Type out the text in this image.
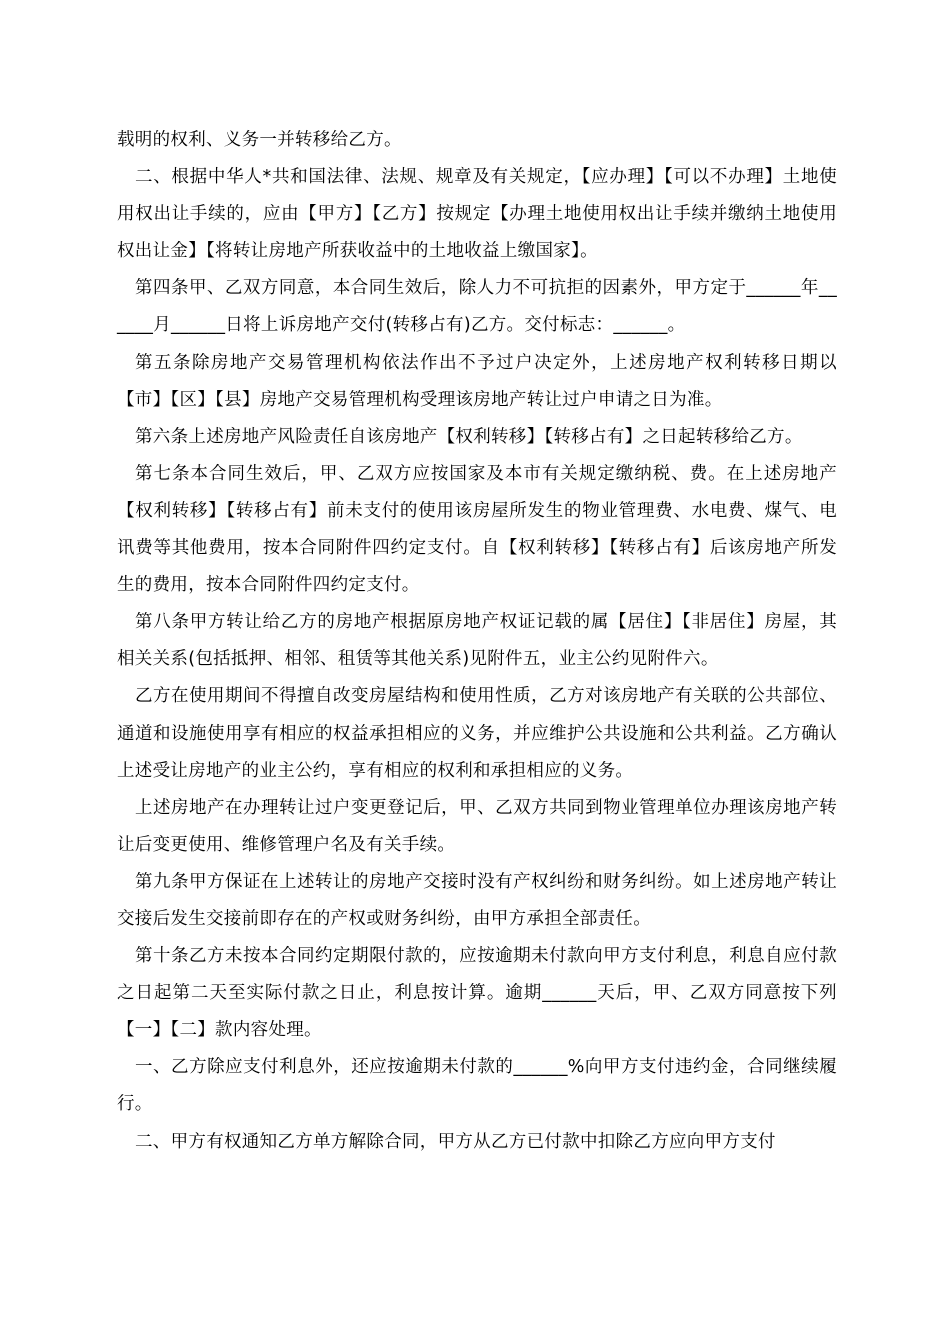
载明的权利、义务一并转移给乙方。

二、根据中华人*共和国法律、法规、规章及有关规定，【应办理】【可以不办理】土地使用权出让手续的，应由【甲方】【乙方】按规定【办理土地使用权出让手续并缴纳土地使用权出让金】【将转让房地产所获收益中的土地收益上缴国家】。

第四条甲、乙双方同意，本合同生效后，除人力不可抗拒的因素外，甲方定于______年______月______日将上诉房地产交付(转移占有)乙方。交付标志：______。

第五条除房地产交易管理机构依法作出不予过户决定外，上述房地产权利转移日期以【市】【区】【县】房地产交易管理机构受理该房地产转让过户申请之日为准。

第六条上述房地产风险责任自该房地产【权利转移】【转移占有】之日起转移给乙方。

第七条本合同生效后，甲、乙双方应按国家及本市有关规定缴纳税、费。在上述房地产【权利转移】【转移占有】前未支付的使用该房屋所发生的物业管理费、水电费、煤气、电讯费等其他费用，按本合同附件四约定支付。自【权利转移】【转移占有】后该房地产所发生的费用，按本合同附件四约定支付。

第八条甲方转让给乙方的房地产根据原房地产权证记载的属【居住】【非居住】房屋，其相关关系(包括抵押、相邻、租赁等其他关系)见附件五，业主公约见附件六。

乙方在使用期间不得擅自改变房屋结构和使用性质，乙方对该房地产有关联的公共部位、通道和设施使用享有相应的权益承担相应的义务，并应维护公共设施和公共利益。乙方确认上述受让房地产的业主公约，享有相应的权利和承担相应的义务。

上述房地产在办理转让过户变更登记后，甲、乙双方共同到物业管理单位办理该房地产转让后变更使用、维修管理户名及有关手续。

第九条甲方保证在上述转让的房地产交接时没有产权纠纷和财务纠纷。如上述房地产转让交接后发生交接前即存在的产权或财务纠纷，由甲方承担全部责任。

第十条乙方未按本合同约定期限付款的，应按逾期未付款向甲方支付利息，利息自应付款之日起第二天至实际付款之日止，利息按计算。逾期______天后，甲、乙双方同意按下列【一】【二】款内容处理。

一、乙方除应支付利息外，还应按逾期未付款的______%向甲方支付违约金，合同继续履行。

二、甲方有权通知乙方单方解除合同，甲方从乙方已付款中扣除乙方应向甲方支付
